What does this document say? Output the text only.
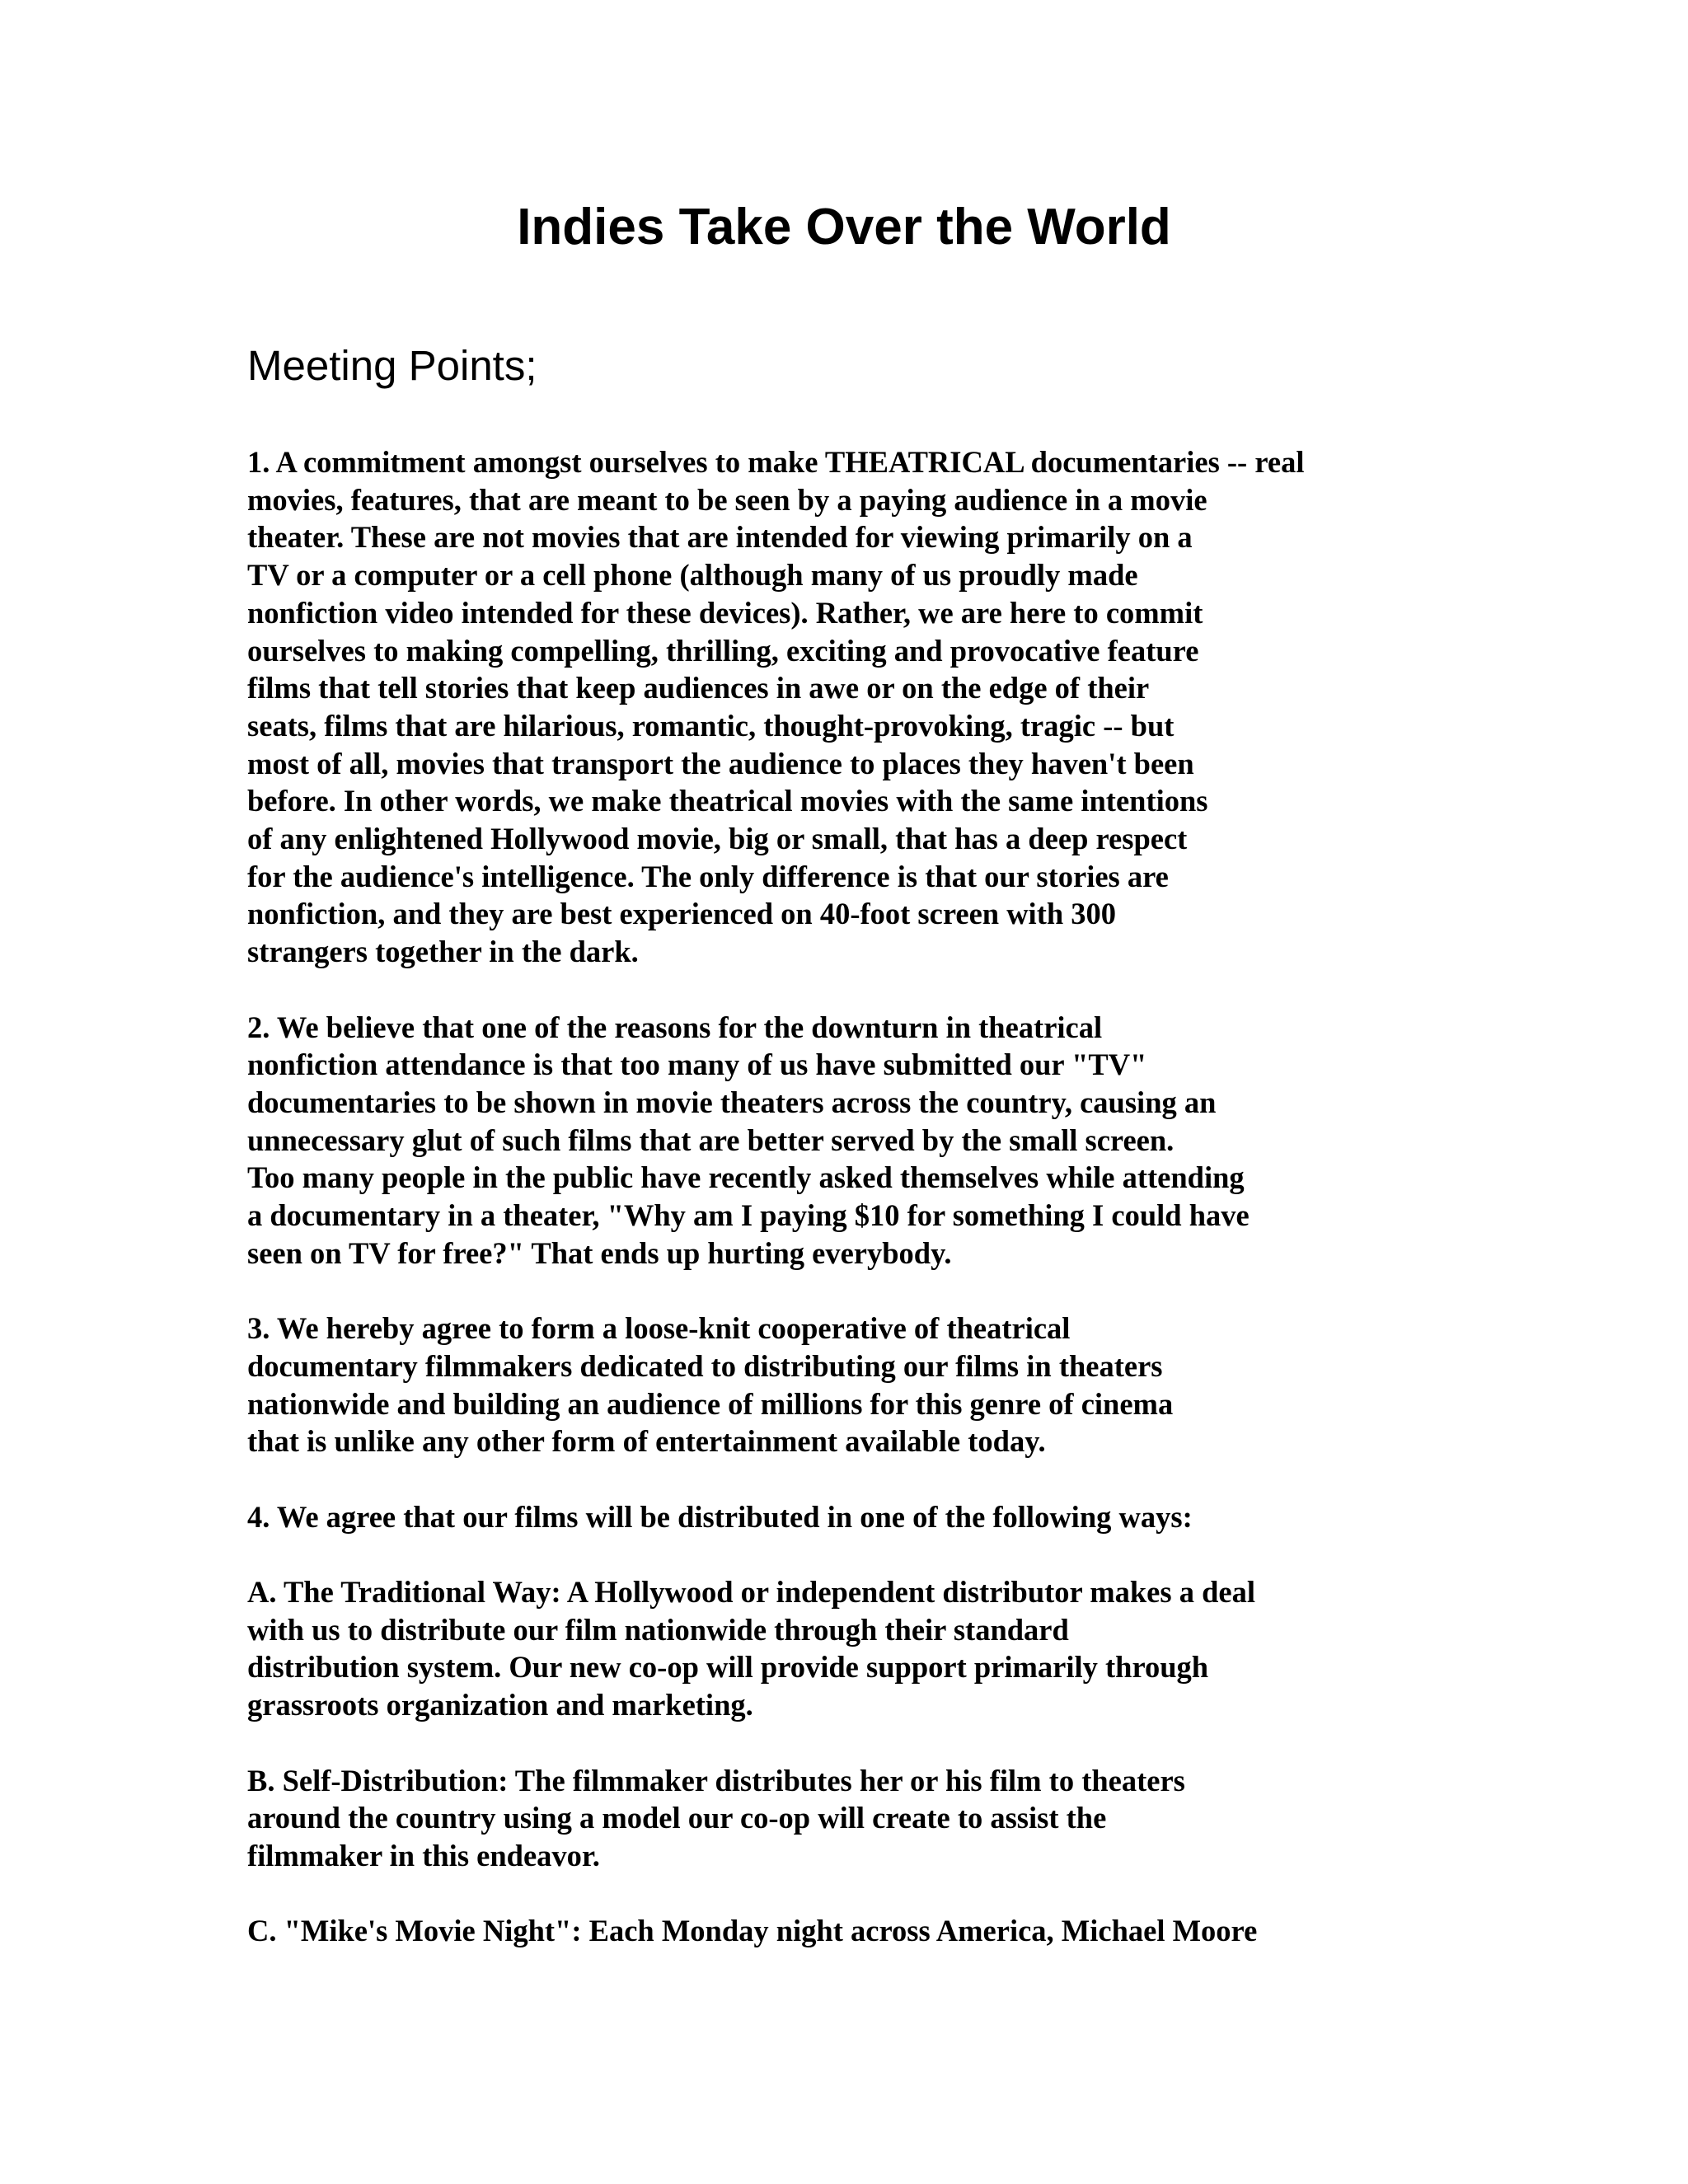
Indies Take Over the World
Meeting Points;

1. A commitment amongst ourselves to make THEATRICAL documentaries -- real
movies, features, that are meant to be seen by a paying audience in a movie
theater. These are not movies that are intended for viewing primarily on a
TV or a computer or a cell phone (although many of us proudly made
nonfiction video intended for these devices). Rather, we are here to commit
ourselves to making compelling, thrilling, exciting and provocative feature
films that tell stories that keep audiences in awe or on the edge of their
seats, films that are hilarious, romantic, thought-provoking, tragic -- but
most of all, movies that transport the audience to places they haven't been
before. In other words, we make theatrical movies with the same intentions
of any enlightened Hollywood movie, big or small, that has a deep respect
for the audience's intelligence. The only difference is that our stories are
nonfiction, and they are best experienced on 40-foot screen with 300
strangers together in the dark.

2. We believe that one of the reasons for the downturn in theatrical
nonfiction attendance is that too many of us have submitted our "TV"
documentaries to be shown in movie theaters across the country, causing an
unnecessary glut of such films that are better served by the small screen.
Too many people in the public have recently asked themselves while attending
a documentary in a theater, "Why am I paying $10 for something I could have
seen on TV for free?" That ends up hurting everybody.

3. We hereby agree to form a loose-knit cooperative of theatrical
documentary filmmakers dedicated to distributing our films in theaters
nationwide and building an audience of millions for this genre of cinema
that is unlike any other form of entertainment available today.

4. We agree that our films will be distributed in one of the following ways:

A. The Traditional Way: A Hollywood or independent distributor makes a deal
with us to distribute our film nationwide through their standard
distribution system. Our new co-op will provide support primarily through
grassroots organization and marketing.

B. Self-Distribution: The filmmaker distributes her or his film to theaters
around the country using a model our co-op will create to assist the
filmmaker in this endeavor.

C. "Mike's Movie Night": Each Monday night across America, Michael Moore
